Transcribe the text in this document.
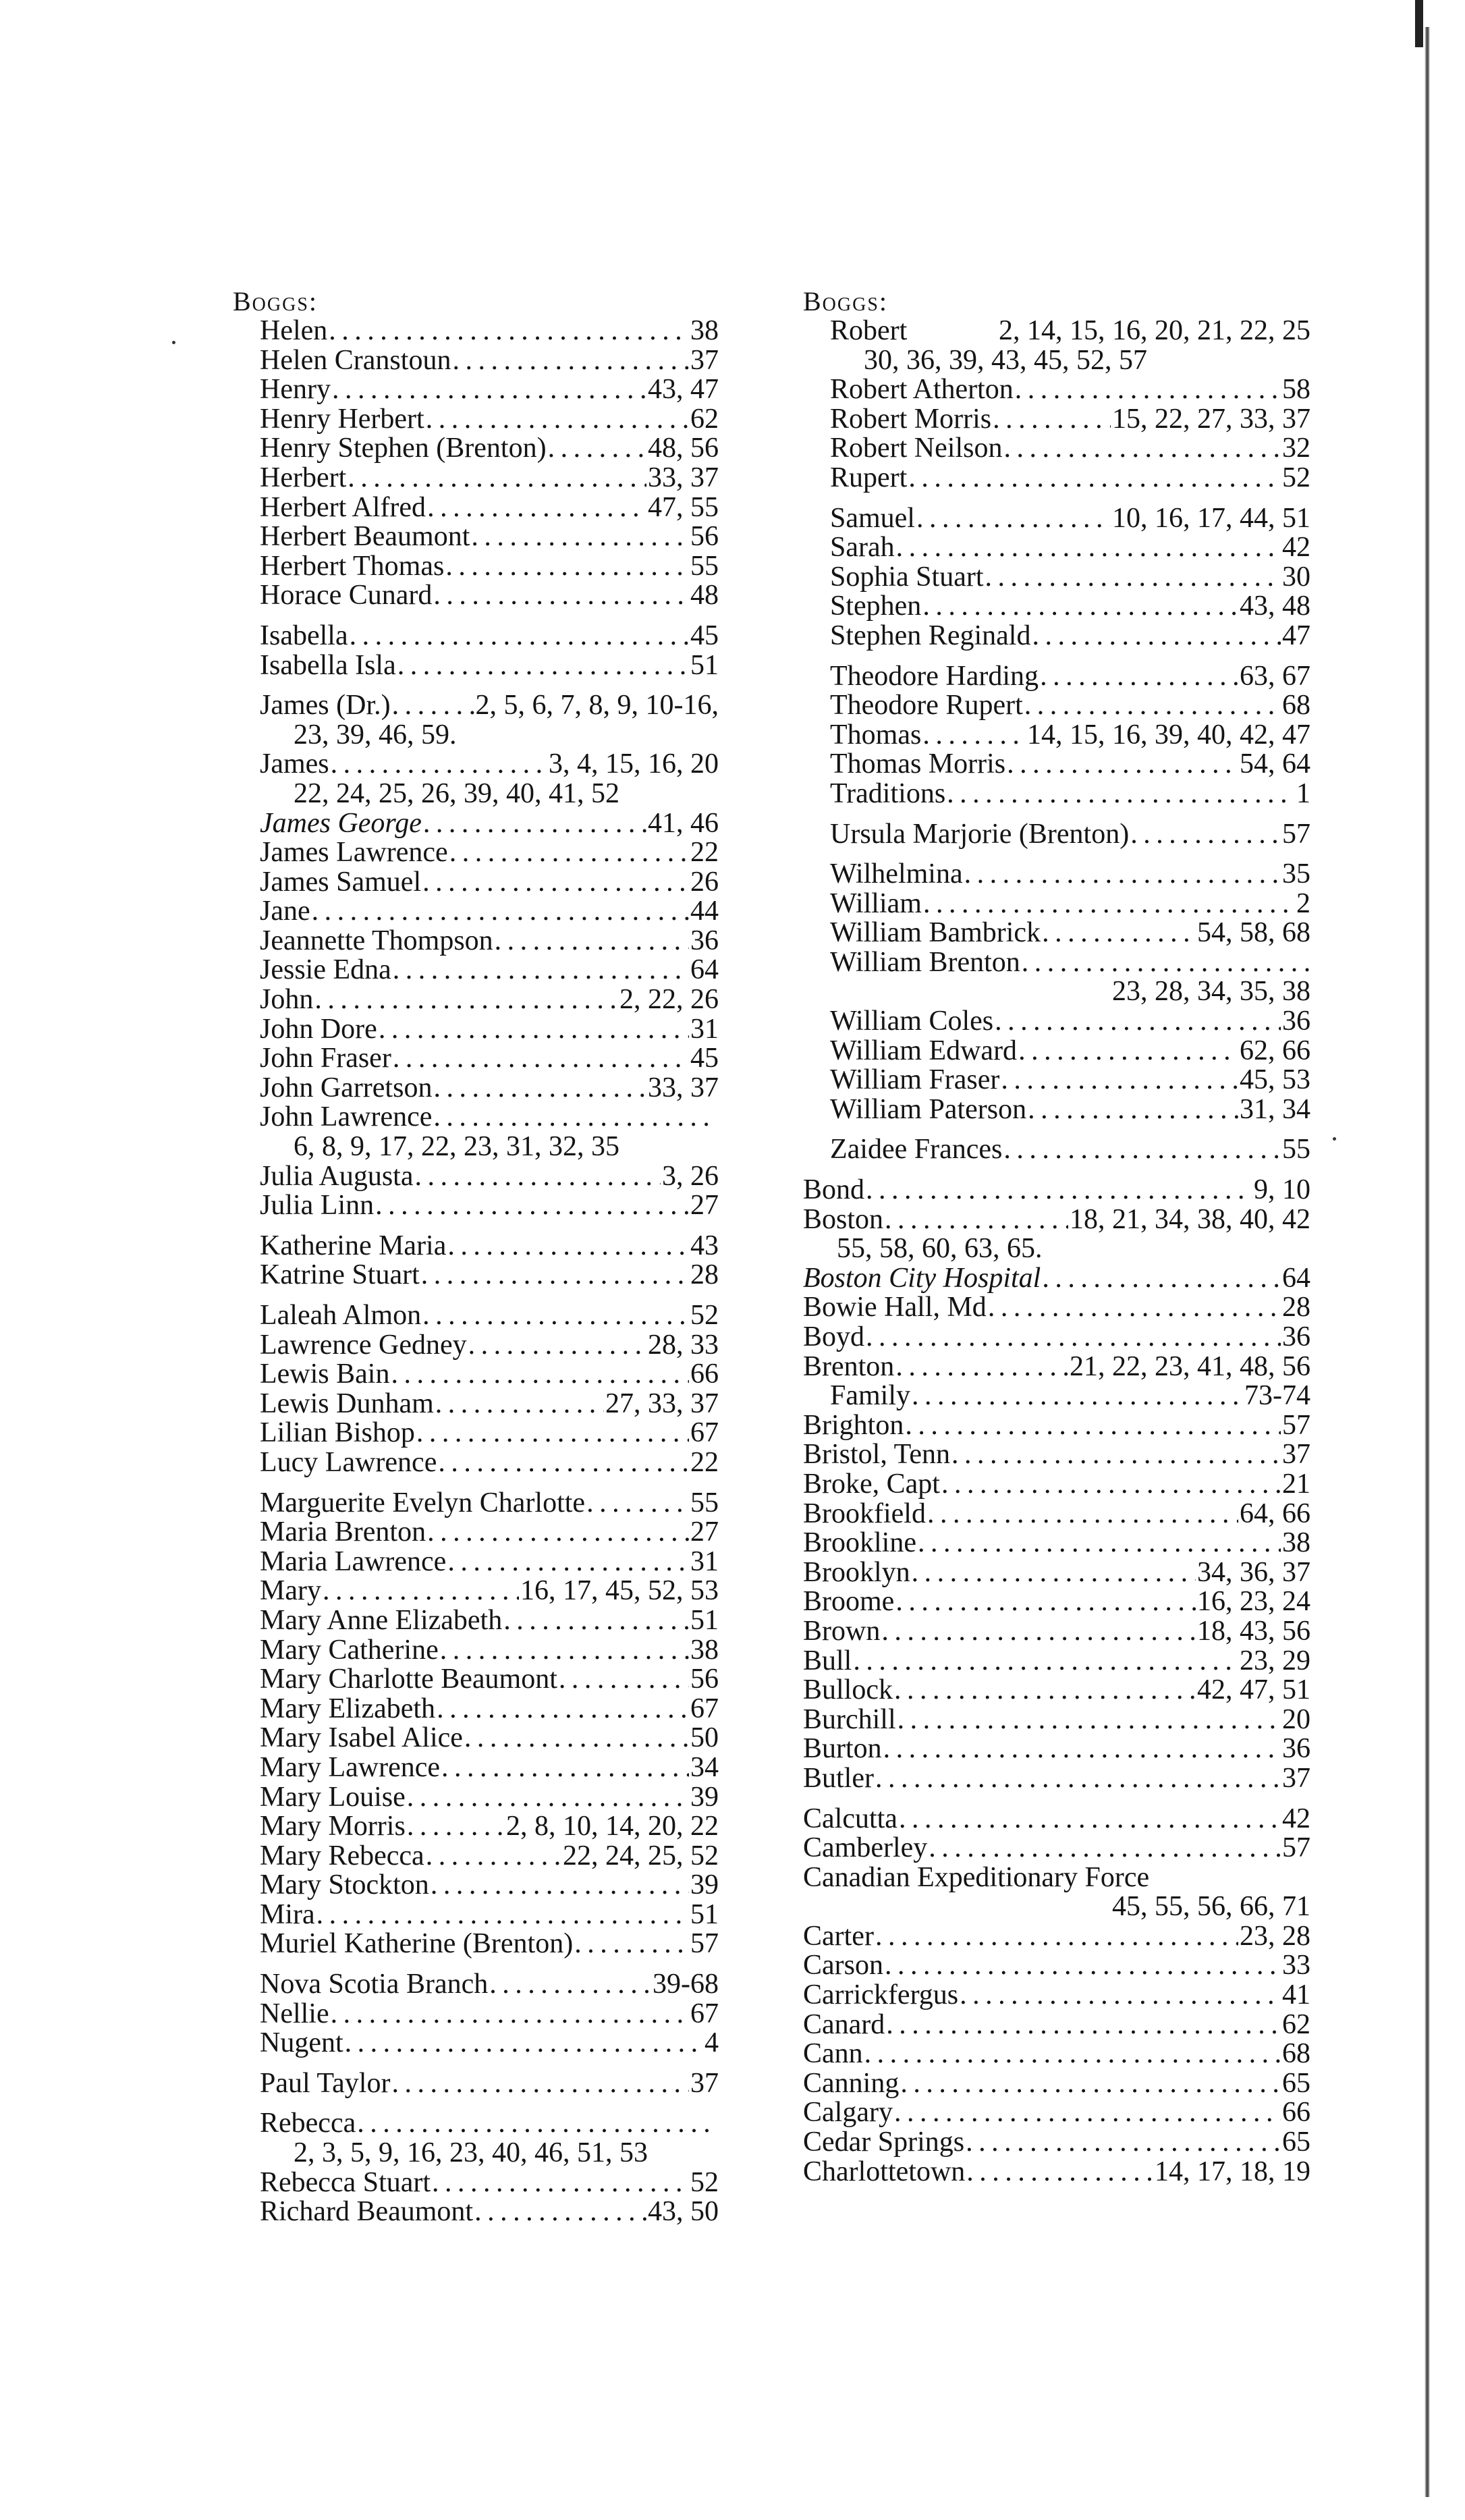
Boggs:
Helen . . .	38
Helen Cranstoun . . .	37
Henry . . .	43, 47
Henry Herbert . . .	62
Henry Stephen (Brenton) . . .	48, 56
Herbert . . .	33, 37
Herbert Alfred . . .	47, 55
Herbert Beaumont . . .	56
Herbert Thomas . . .	55
Horace Cunard . . .	48
Isabella . . .	45
Isabella Isla . . .	51
James (Dr.) . . .	2, 5, 6, 7, 8, 9, 10-16,
23, 39, 46, 59.
James . . .	3, 4, 15, 16, 20
22, 24, 25, 26, 39, 40, 41, 52
James George . . .	41, 46
James Lawrence . . .	22
James Samuel . . .	26
Jane . . .	44
Jeannette Thompson . . .	36
Jessie Edna . . .	64
John . . .	2, 22, 26
John Dore . . .	31
John Fraser . . .	45
John Garretson . . .	33, 37
John Lawrence
. . .
6, 8, 9, 17, 22, 23, 31, 32, 35
Julia Augusta . . .	3, 26
Julia Linn . . .	27
Katherine Maria . . .	43
Katrine Stuart . . .	28
Laleah Almon . . .	52
Lawrence Gedney . . .	28, 33
Lewis Bain . . .	66
Lewis Dunham . . .	27, 33, 37
Lilian Bishop . . .	67
Lucy Lawrence . . .	22
Marguerite Evelyn Charlotte . . .	55
Maria Brenton . . .	27
Maria Lawrence . . .	31
Mary . . .	16, 17, 45, 52, 53
Mary Anne Elizabeth . . .	51
Mary Catherine . . .	38
Mary Charlotte Beaumont . . .	56
Mary Elizabeth . . .	67
Mary Isabel Alice . . .	50
Mary Lawrence . . .	34
Mary Louise . . .	39
Mary Morris . . .	2, 8, 10, 14, 20, 22
Mary Rebecca . . .	22, 24, 25, 52
Mary Stockton . . .	39
Mira . . .	51
Muriel Katherine (Brenton) . . .	57
Nova Scotia Branch . . .	39-68
Nellie . . .	67
Nugent . . .	4
Paul Taylor . . .	37
Rebecca
. . .
2, 3, 5, 9, 16, 23, 40, 46, 51, 53
Rebecca Stuart . . .	52
Richard Beaumont . . .	43, 50
Boggs:
Robert	2, 14, 15, 16, 20, 21, 22, 25
30, 36, 39, 43, 45, 52, 57
Robert Atherton . . .	58
Robert Morris . . .	15, 22, 27, 33, 37
Robert Neilson . . .	32
Rupert . . .	52
Samuel . . .	10, 16, 17, 44, 51
Sarah . . .	42
Sophia Stuart . . .	30
Stephen . . .	43, 48
Stephen Reginald . . .	47
Theodore Harding . . .	63, 67
Theodore Rupert . . .	68
Thomas . . .	14, 15, 16, 39, 40, 42, 47
Thomas Morris . . .	54, 64
Traditions . . .	1
Ursula Marjorie (Brenton) . . .	57
Wilhelmina . . .	35
William . . .	2
William Bambrick . . .	54, 58, 68
William Brenton
. . .
23, 28, 34, 35, 38
William Coles . . .	36
William Edward . . .	62, 66
William Fraser . . .	45, 53
William Paterson . . .	31, 34
Zaidee Frances . . .	55
Bond . . .	9, 10
Boston . . .	18, 21, 34, 38, 40, 42
55, 58, 60, 63, 65.
Boston City Hospital . . .	64
Bowie Hall, Md . . .	28
Boyd . . .	36
Brenton . . .	21, 22, 23, 41, 48, 56
Family . . .	73-74
Brighton . . .	57
Bristol, Tenn . . .	37
Broke, Capt . . .	21
Brookfield . . .	64, 66
Brookline . . .	38
Brooklyn . . .	34, 36, 37
Broome . . .	16, 23, 24
Brown . . .	18, 43, 56
Bull . . .	23, 29
Bullock . . .	42, 47, 51
Burchill . . .	20
Burton . . .	36
Butler . . .	37
Calcutta . . .	42
Camberley . . .	57
Canadian Expeditionary Force
45, 55, 56, 66, 71
Carter . . .	23, 28
Carson . . .	33
Carrickfergus . . .	41
Canard . . .	62
Cann . . .	68
Canning . . .	65
Calgary . . .	66
Cedar Springs . . .	65
Charlottetown . . .	14, 17, 18, 19
